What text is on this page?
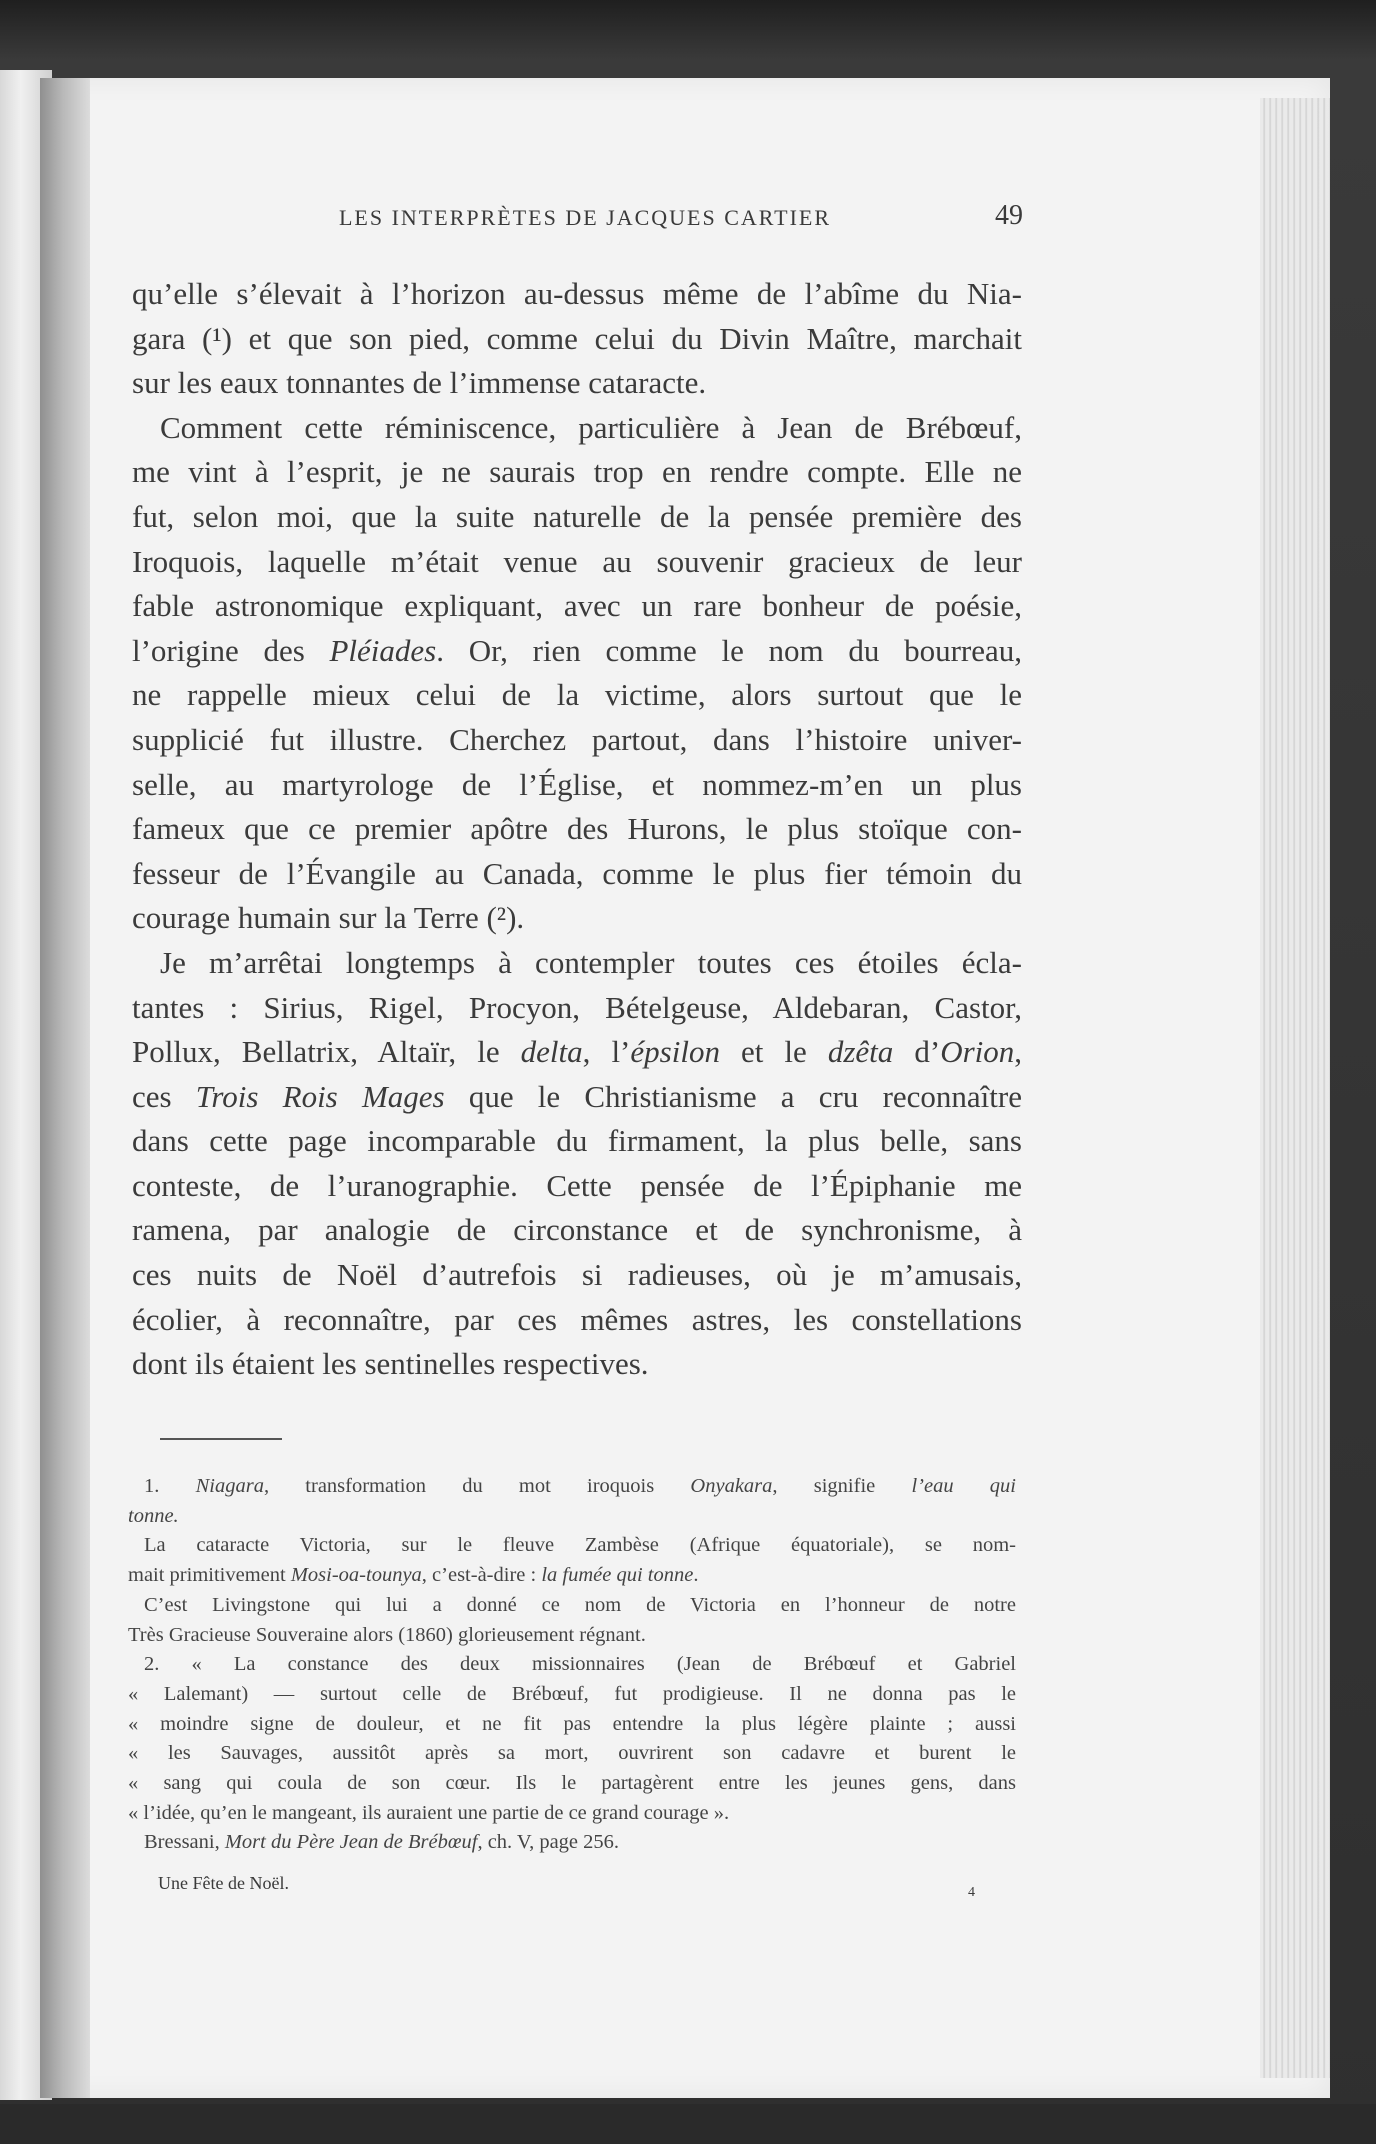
LES INTERPRÈTES DE JACQUES CARTIER	49
qu’elle s’élevait à l’horizon au-dessus même de l’abîme du Nia-
gara (¹) et que son pied, comme celui du Divin Maître, marchait
sur les eaux tonnantes de l’immense cataracte.
Comment cette réminiscence, particulière à Jean de Brébœuf,
me vint à l’esprit, je ne saurais trop en rendre compte. Elle ne
fut, selon moi, que la suite naturelle de la pensée première des
Iroquois, laquelle m’était venue au souvenir gracieux de leur
fable astronomique expliquant, avec un rare bonheur de poésie,
l’origine des Pléiades. Or, rien comme le nom du bourreau,
ne rappelle mieux celui de la victime, alors surtout que le
supplicié fut illustre. Cherchez partout, dans l’histoire univer-
selle, au martyrologe de l’Église, et nommez-m’en un plus
fameux que ce premier apôtre des Hurons, le plus stoïque con-
fesseur de l’Évangile au Canada, comme le plus fier témoin du
courage humain sur la Terre (²).
Je m’arrêtai longtemps à contempler toutes ces étoiles écla-
tantes : Sirius, Rigel, Procyon, Bételgeuse, Aldebaran, Castor,
Pollux, Bellatrix, Altaïr, le delta, l’épsilon et le dzêta d’Orion,
ces Trois Rois Mages que le Christianisme a cru reconnaître
dans cette page incomparable du firmament, la plus belle, sans
conteste, de l’uranographie. Cette pensée de l’Épiphanie me
ramena, par analogie de circonstance et de synchronisme, à
ces nuits de Noël d’autrefois si radieuses, où je m’amusais,
écolier, à reconnaître, par ces mêmes astres, les constellations
dont ils étaient les sentinelles respectives.
1. Niagara, transformation du mot iroquois Onyakara, signifie l’eau qui
tonne.
La cataracte Victoria, sur le fleuve Zambèse (Afrique équatoriale), se nom-
mait primitivement Mosi-oa-tounya, c’est-à-dire : la fumée qui tonne.
C’est Livingstone qui lui a donné ce nom de Victoria en l’honneur de notre
Très Gracieuse Souveraine alors (1860) glorieusement régnant.
2. « La constance des deux missionnaires (Jean de Brébœuf et Gabriel
« Lalemant) — surtout celle de Brébœuf, fut prodigieuse. Il ne donna pas le
« moindre signe de douleur, et ne fit pas entendre la plus légère plainte ; aussi
« les Sauvages, aussitôt après sa mort, ouvrirent son cadavre et burent le
« sang qui coula de son cœur. Ils le partagèrent entre les jeunes gens, dans
« l’idée, qu’en le mangeant, ils auraient une partie de ce grand courage ».
Bressani, Mort du Père Jean de Brébœuf, ch. V, page 256.
Une Fête de Noël.	4
